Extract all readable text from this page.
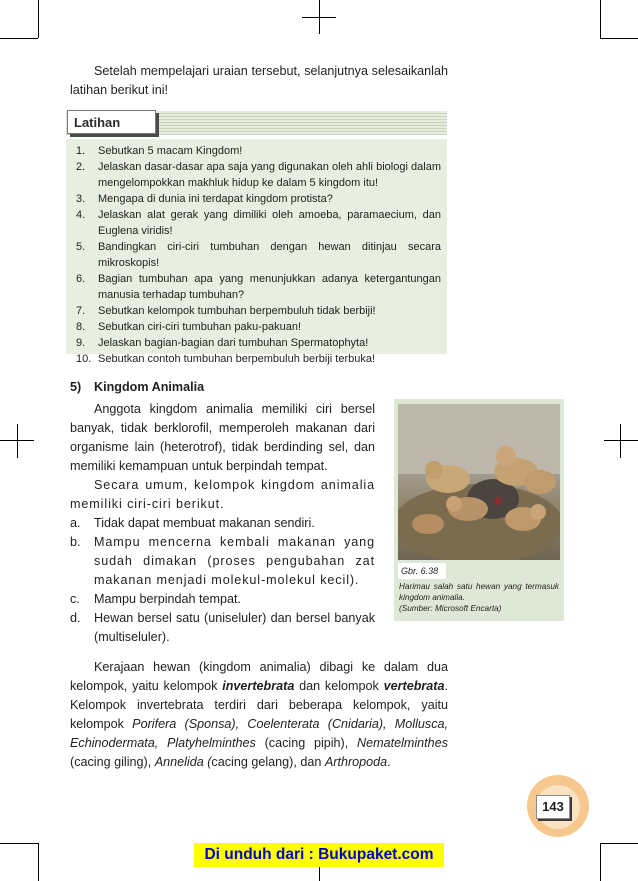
Setelah mempelajari uraian tersebut, selanjutnya selesaikanlah latihan berikut ini!

Latihan
1.	Sebutkan 5 macam Kingdom!
2.	Jelaskan dasar-dasar apa saja yang digunakan oleh ahli biologi dalam mengelompokkan makhluk hidup ke dalam 5 kingdom itu!
3.	Mengapa di dunia ini terdapat kingdom protista?
4.	Jelaskan alat gerak yang dimiliki oleh amoeba, paramaecium, dan Euglena viridis!
5.	Bandingkan ciri-ciri tumbuhan dengan hewan ditinjau secara mikroskopis!
6.	Bagian tumbuhan apa yang menunjukkan adanya ketergantungan manusia terhadap tumbuhan?
7.	Sebutkan kelompok tumbuhan berpembuluh tidak berbiji!
8.	Sebutkan ciri-ciri tumbuhan paku-pakuan!
9.	Jelaskan bagian-bagian dari tumbuhan Spermatophyta!
10. Sebutkan contoh tumbuhan berpembuluh berbiji terbuka!
5) Kingdom Animalia

Anggota kingdom animalia memiliki ciri bersel banyak, tidak berklorofil, memperoleh makanan dari organisme lain (heterotrof), tidak berdinding sel, dan memiliki kemampuan untuk berpindah tempat.

Secara umum, kelompok kingdom animalia memiliki ciri-ciri berikut.

a.	Tidak dapat membuat makanan sendiri.
b.	Mampu mencerna kembali makanan yang sudah dimakan (proses pengubahan zat makanan menjadi molekul-molekul kecil).
c.	Mampu berpindah tempat.
d.	Hewan bersel satu (uniseluler) dan bersel banyak (multiseluler).
Gbr. 6.38

Harimau salah satu hewan yang termasuk kingdom animalia.
(Sumber: Microsoft Encarta)

Kerajaan hewan (kingdom animalia) dibagi ke dalam dua kelompok, yaitu kelompok invertebrata dan kelompok vertebrata. Kelompok invertebrata terdiri dari beberapa kelompok, yaitu kelompok Porifera (Sponsa), Coelenterata (Cnidaria), Mollusca, Echinodermata, Platyhelminthes (cacing pipih), Nematelminthes (cacing giling), Annelida (cacing gelang), dan Arthropoda.

143
Di unduh dari : Bukupaket.com
